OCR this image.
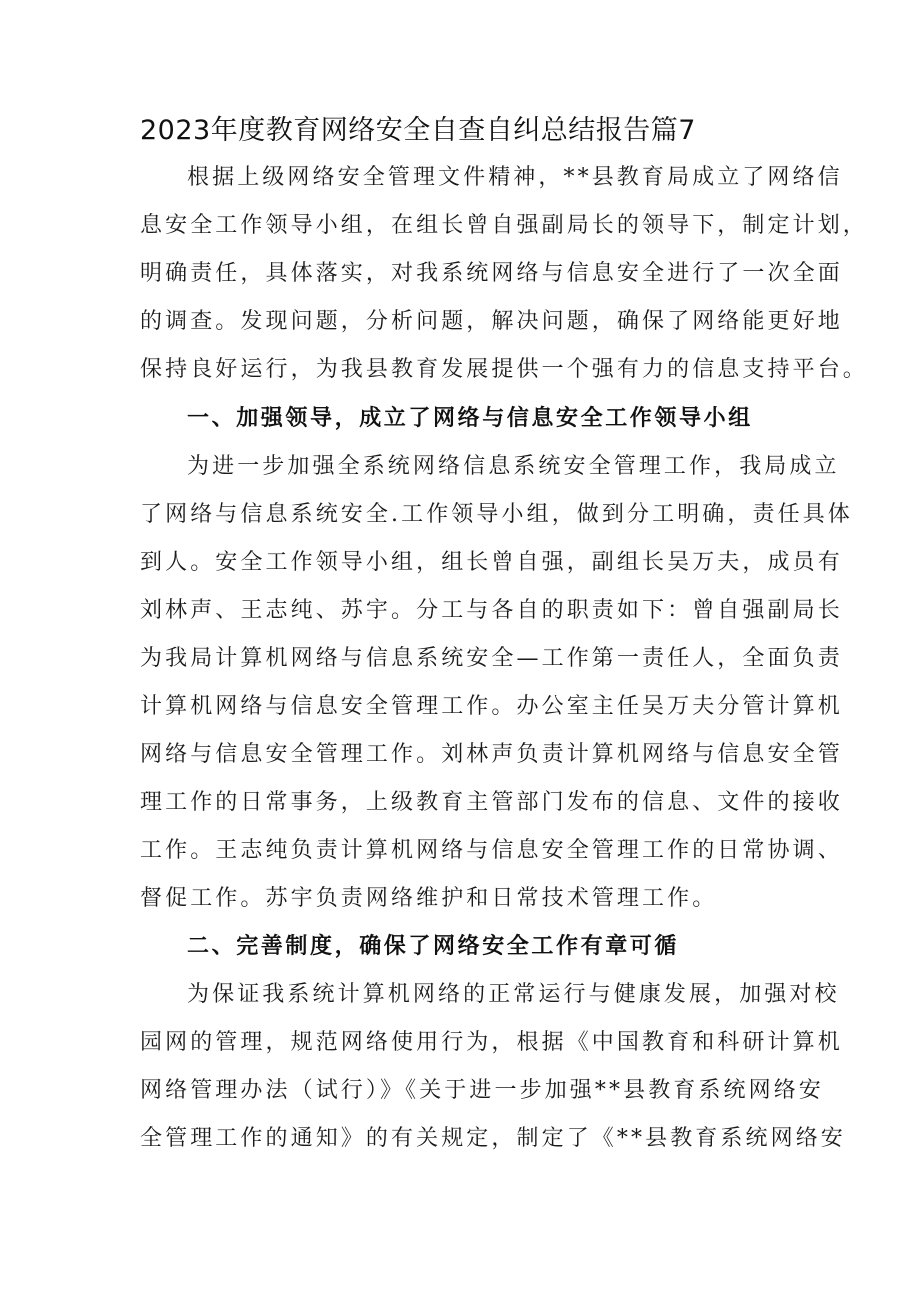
2023年度教育网络安全自查自纠总结报告篇7
根据上级网络安全管理文件精神，**县教育局成立了网络信
息安全工作领导小组，在组长曾自强副局长的领导下，制定计划，
明确责任，具体落实，对我系统网络与信息安全进行了一次全面
的调查。发现问题，分析问题，解决问题，确保了网络能更好地
保持良好运行，为我县教育发展提供一个强有力的信息支持平台。
一、加强领导，成立了网络与信息安全工作领导小组
为进一步加强全系统网络信息系统安全管理工作，我局成立
了网络与信息系统安全.工作领导小组，做到分工明确，责任具体
到人。安全工作领导小组，组长曾自强，副组长吴万夫，成员有
刘林声、王志纯、苏宇。分工与各自的职责如下：曾自强副局长
为我局计算机网络与信息系统安全—工作第一责任人，全面负责
计算机网络与信息安全管理工作。办公室主任吴万夫分管计算机
网络与信息安全管理工作。刘林声负责计算机网络与信息安全管
理工作的日常事务，上级教育主管部门发布的信息、文件的接收
工作。王志纯负责计算机网络与信息安全管理工作的日常协调、
督促工作。苏宇负责网络维护和日常技术管理工作。
二、完善制度，确保了网络安全工作有章可循
为保证我系统计算机网络的正常运行与健康发展，加强对校
园网的管理，规范网络使用行为，根据《中国教育和科研计算机
网络管理办法（试行）》《关于进一步加强**县教育系统网络安
全管理工作的通知》的有关规定，制定了《**县教育系统网络安
